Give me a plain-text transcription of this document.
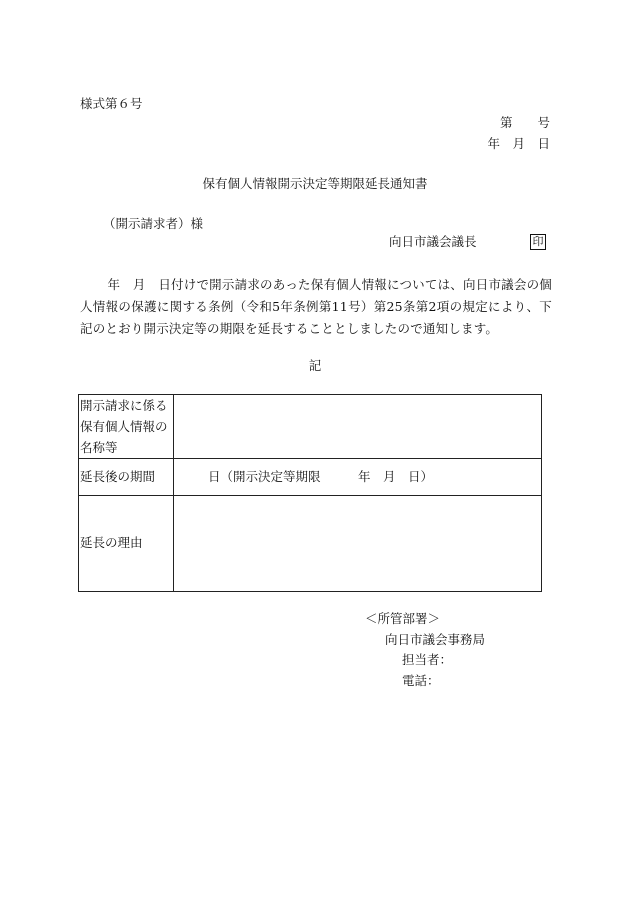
様式第６号
第　　号
年　月　日
保有個人情報開示決定等期限延長通知書
（開示請求者）様
向日市議会議長	印
年　月　日付けで開示請求のあった保有個人情報については、向日市議会の個人情報の保護に関する条例（令和5年条例第11号）第25条第2項の規定により、下記のとおり開示決定等の期限を延長することとしましたので通知します。
記
開示請求に係る保有個人情報の名称等	
延長後の期間	日（開示決定等期限　　　年　月　日）
延長の理由	
＜所管部署＞
向日市議会事務局
担当者：
電話：
